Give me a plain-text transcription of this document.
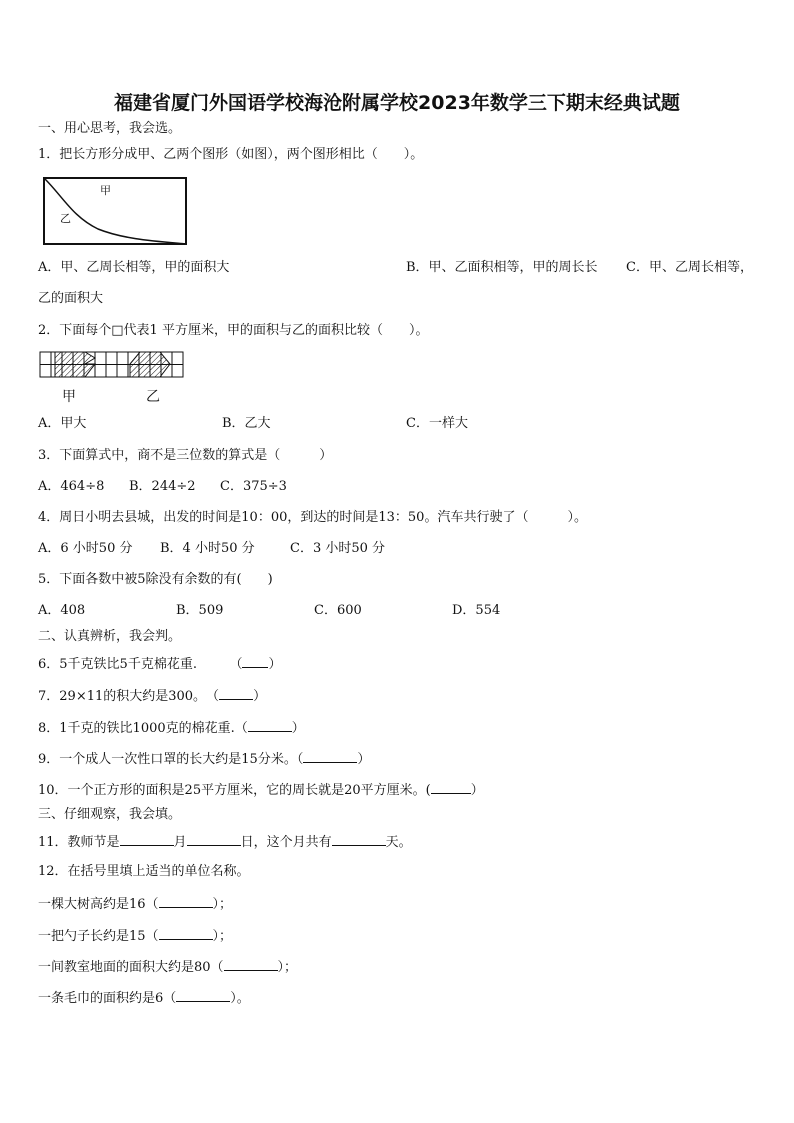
福建省厦门外国语学校海沧附属学校2023年数学三下期末经典试题
一、用心思考，我会选。
1．把长方形分成甲、乙两个图形（如图），两个图形相比（　　）。
甲
乙
A．甲、乙周长相等，甲的面积大	B．甲、乙面积相等，甲的周长长 C．甲、乙周长相等，
乙的面积大
2．下面每个□代表1 平方厘米，甲的面积与乙的面积比较（　　）。
甲	乙
A．甲大	B．乙大	C．一样大
3．下面算式中，商不是三位数的算式是（　　　）
A．464÷8 B．244÷2 C．375÷3
4．周日小明去县城，出发的时间是10：00，到达的时间是13：50。汽车共行驶了（　　　）。
A．6 小时50 分 B．4 小时50 分	C．3 小时50 分
5．下面各数中被5除没有余数的有(　　)
A．408	B．509	C．600	D．554
二、认真辨析，我会判。
6．5千克铁比5千克棉花重.　　　（ ）
7．29×11的积大约是300。　（	）
8．1千克的铁比1000克的棉花重.（	）
9．一个成人一次性口罩的长大约是15分米。（	）
10．一个正方形的面积是25平方厘米，它的周长就是20平方厘米。(	）
三、仔细观察，我会填。
11．教师节是	月	日，这个月共有	天。
12．在括号里填上适当的单位名称。
一棵大树高约是16（	）；
一把勺子长约是15（	）；
一间教室地面的面积大约是80（	）；
一条毛巾的面积约是6（	）。
